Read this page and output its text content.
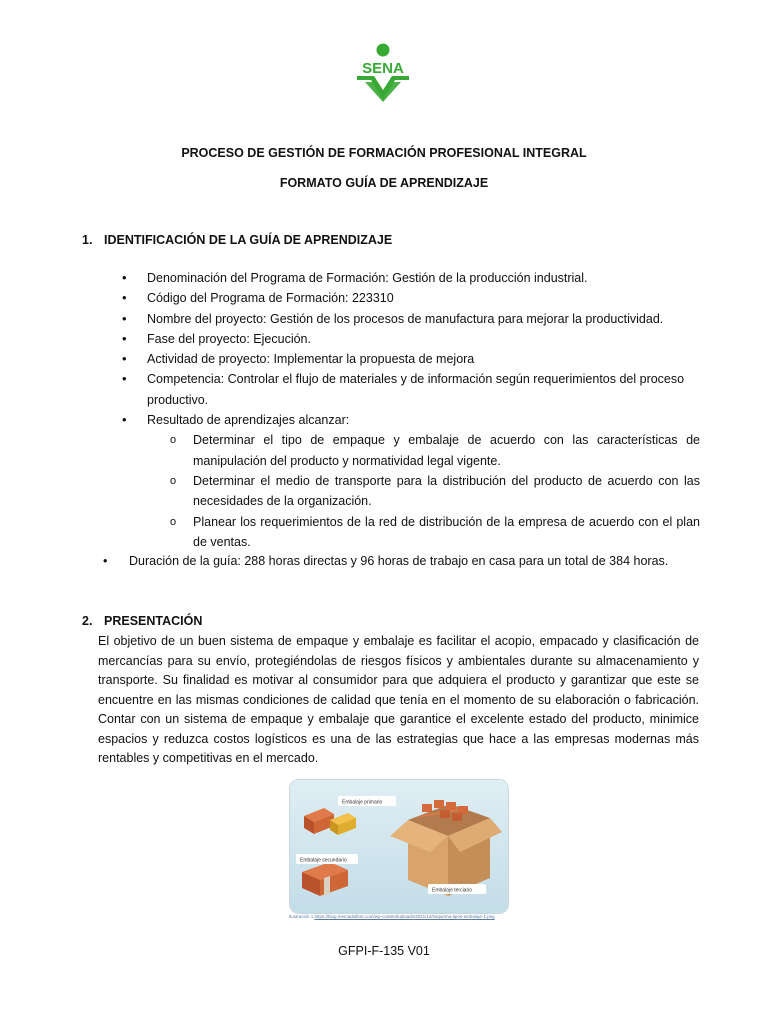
SENA
PROCESO DE GESTIÓN DE FORMACIÓN PROFESIONAL INTEGRAL
FORMATO GUÍA DE APRENDIZAJE
1. IDENTIFICACIÓN DE LA GUÍA DE APRENDIZAJE
• Denominación del Programa de Formación: Gestión de la producción industrial.
• Código del Programa de Formación: 223310
• Nombre del proyecto: Gestión de los procesos de manufactura para mejorar la productividad.
• Fase del proyecto: Ejecución.
• Actividad de proyecto: Implementar la propuesta de mejora
• Competencia: Controlar el flujo de materiales y de información según requerimientos del proceso productivo.
• Resultado de aprendizajes alcanzar:
o Determinar el tipo de empaque y embalaje de acuerdo con las características de manipulación del producto y normatividad legal vigente.
o Determinar el medio de transporte para la distribución del producto de acuerdo con las necesidades de la organización.
o Planear los requerimientos de la red de distribución de la empresa de acuerdo con el plan de ventas.
• Duración de la guía: 288 horas directas y 96 horas de trabajo en casa para un total de 384 horas.
2. PRESENTACIÓN
El objetivo de un buen sistema de empaque y embalaje es facilitar el acopio, empacado y clasificación de mercancías para su envío, protegiéndolas de riesgos físicos y ambientales durante su almacenamiento y transporte. Su finalidad es motivar al consumidor para que adquiera el producto y garantizar que este se encuentre en las mismas condiciones de calidad que tenía en el momento de su elaboración o fabricación. Contar con un sistema de empaque y embalaje que garantice el excelente estado del producto, minimice espacios y reduzca costos logísticos es una de las estrategias que hace a las empresas modernas más rentables y competitivas en el mercado.
Embalaje primario
Embalaje secundario
Embalaje terciario
Ilustración 1 https://blog.mercadolibre.com/wp-content/uploads/2021/12/esquema-tipos-embalaje-1.png
GFPI-F-135 V01
